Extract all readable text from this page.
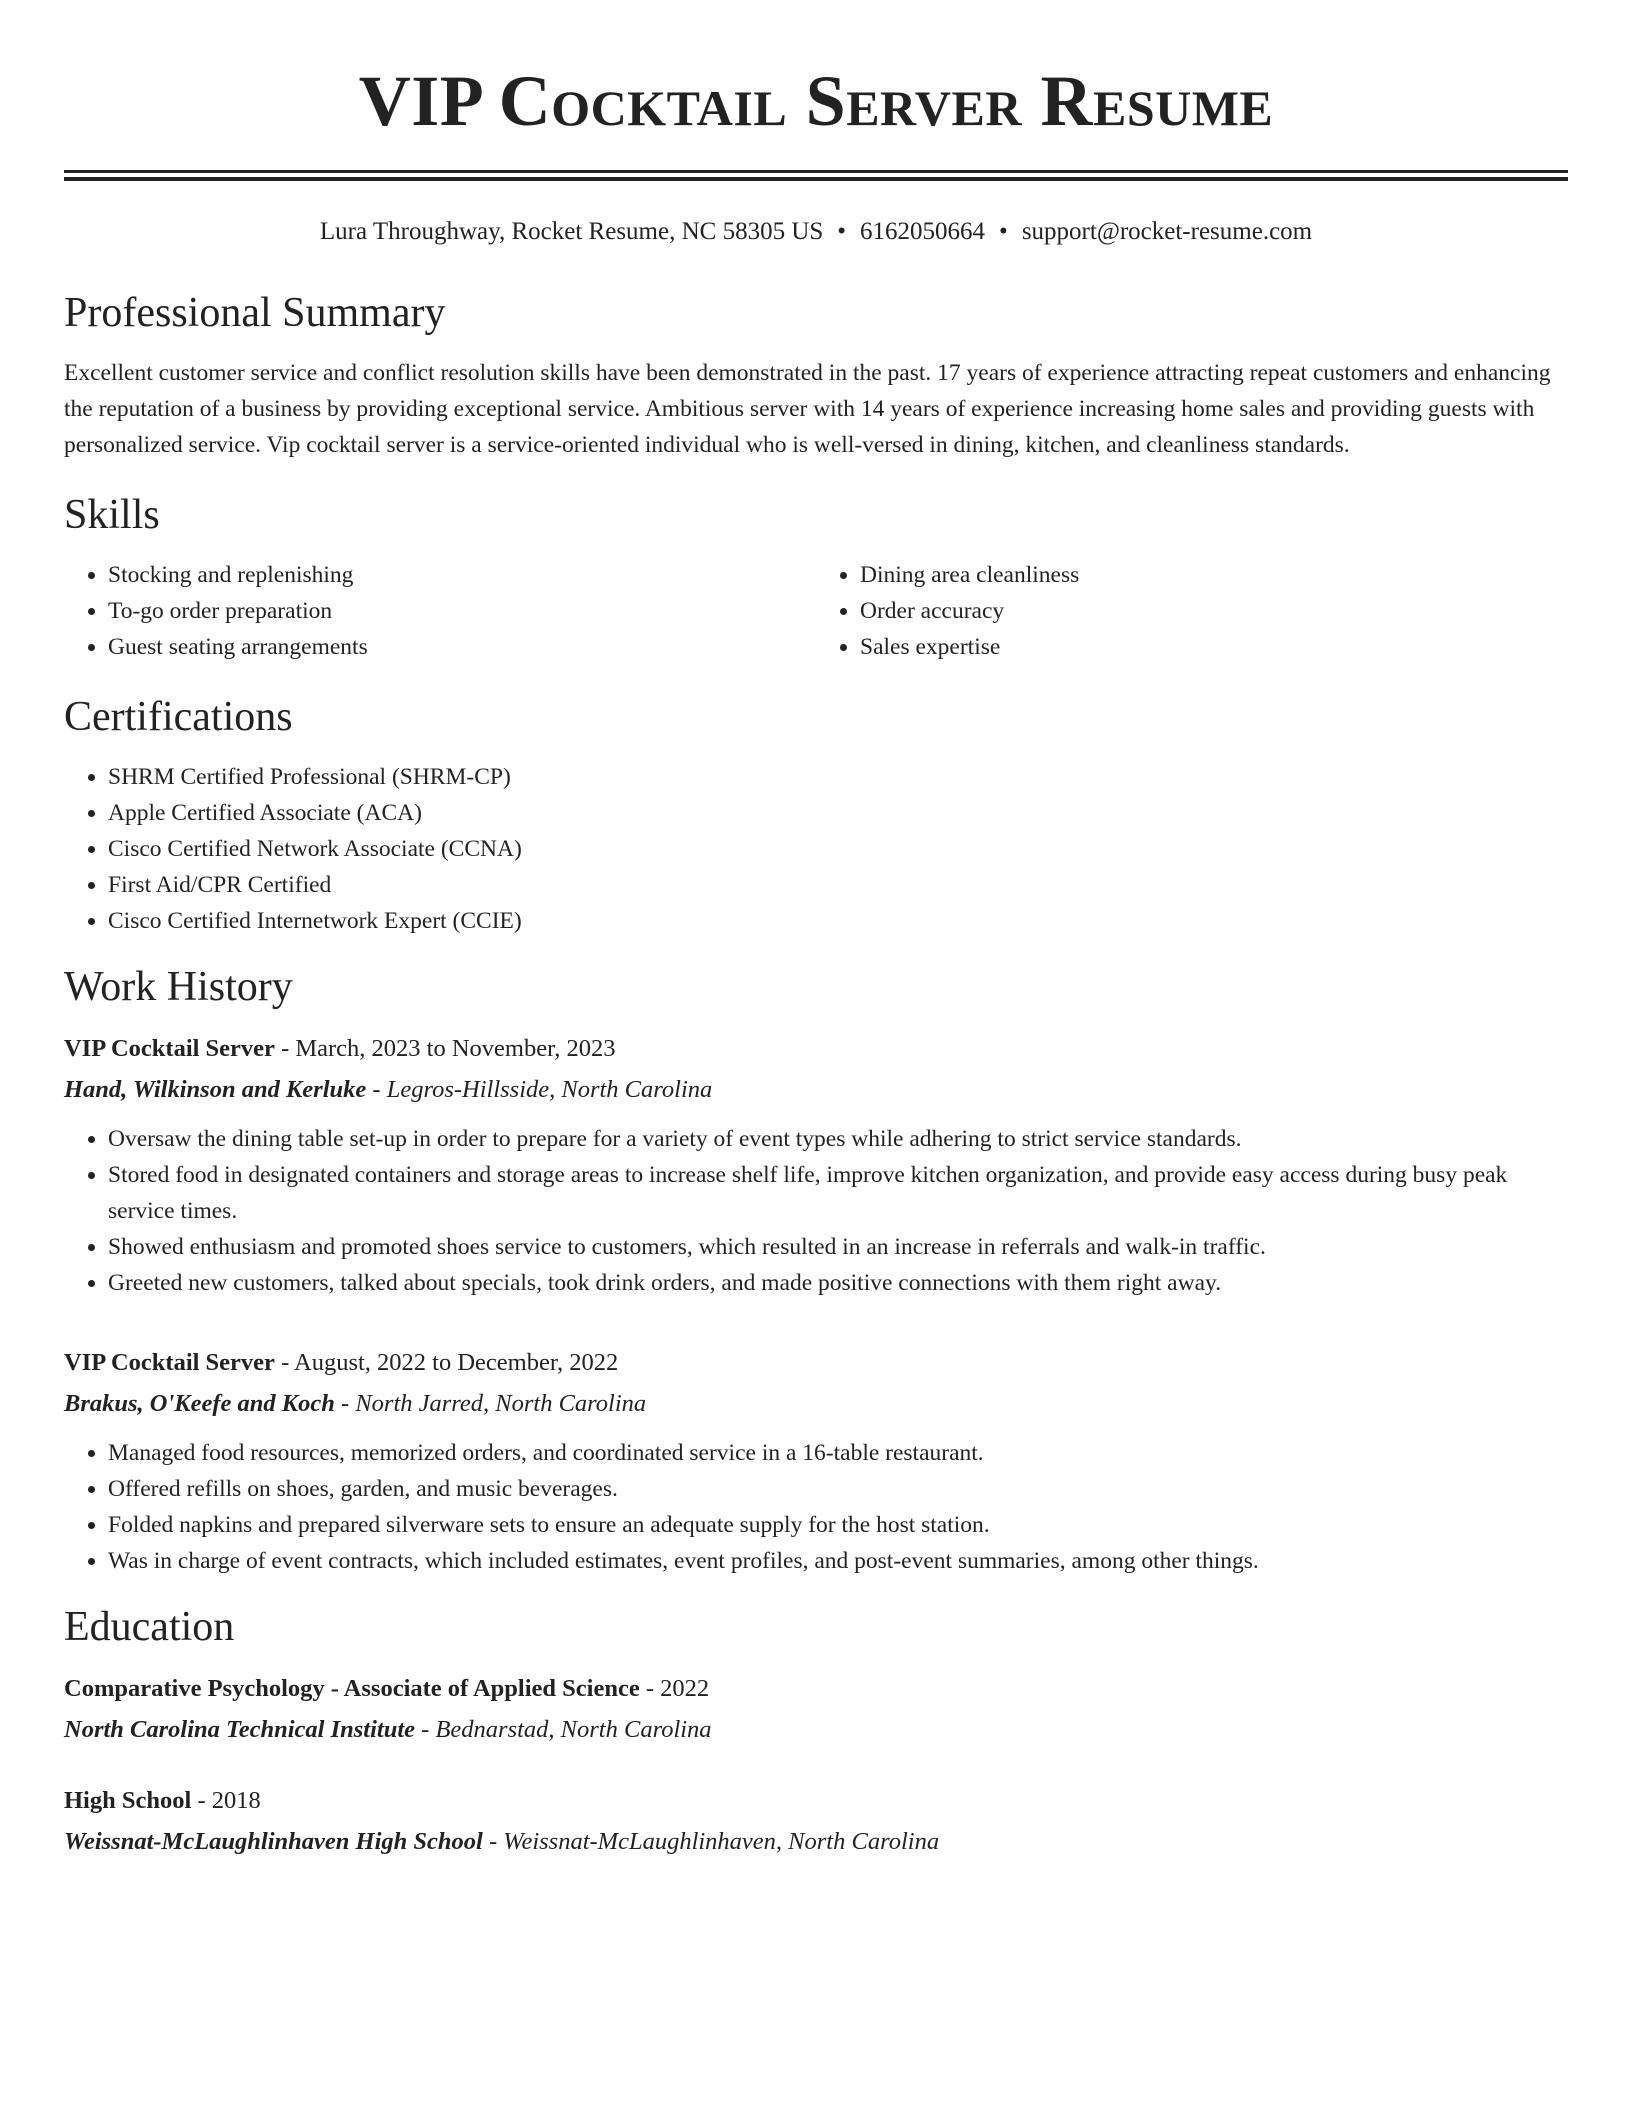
VIP Cocktail Server Resume
Lura Throughway, Rocket Resume, NC 58305 US • 6162050664 • support@rocket-resume.com
Professional Summary
Excellent customer service and conflict resolution skills have been demonstrated in the past. 17 years of experience attracting repeat customers and enhancing the reputation of a business by providing exceptional service. Ambitious server with 14 years of experience increasing home sales and providing guests with personalized service. Vip cocktail server is a service-oriented individual who is well-versed in dining, kitchen, and cleanliness standards.
Skills
• Stocking and replenishing
• To-go order preparation
• Guest seating arrangements
• Dining area cleanliness
• Order accuracy
• Sales expertise
Certifications
• SHRM Certified Professional (SHRM-CP)
• Apple Certified Associate (ACA)
• Cisco Certified Network Associate (CCNA)
• First Aid/CPR Certified
• Cisco Certified Internetwork Expert (CCIE)
Work History
VIP Cocktail Server - March, 2023 to November, 2023
Hand, Wilkinson and Kerluke - Legros-Hillsside, North Carolina
• Oversaw the dining table set-up in order to prepare for a variety of event types while adhering to strict service standards.
• Stored food in designated containers and storage areas to increase shelf life, improve kitchen organization, and provide easy access during busy peak service times.
• Showed enthusiasm and promoted shoes service to customers, which resulted in an increase in referrals and walk-in traffic.
• Greeted new customers, talked about specials, took drink orders, and made positive connections with them right away.
VIP Cocktail Server - August, 2022 to December, 2022
Brakus, O'Keefe and Koch - North Jarred, North Carolina
• Managed food resources, memorized orders, and coordinated service in a 16-table restaurant.
• Offered refills on shoes, garden, and music beverages.
• Folded napkins and prepared silverware sets to ensure an adequate supply for the host station.
• Was in charge of event contracts, which included estimates, event profiles, and post-event summaries, among other things.
Education
Comparative Psychology - Associate of Applied Science - 2022
North Carolina Technical Institute - Bednarstad, North Carolina
High School - 2018
Weissnat-McLaughlinhaven High School - Weissnat-McLaughlinhaven, North Carolina
